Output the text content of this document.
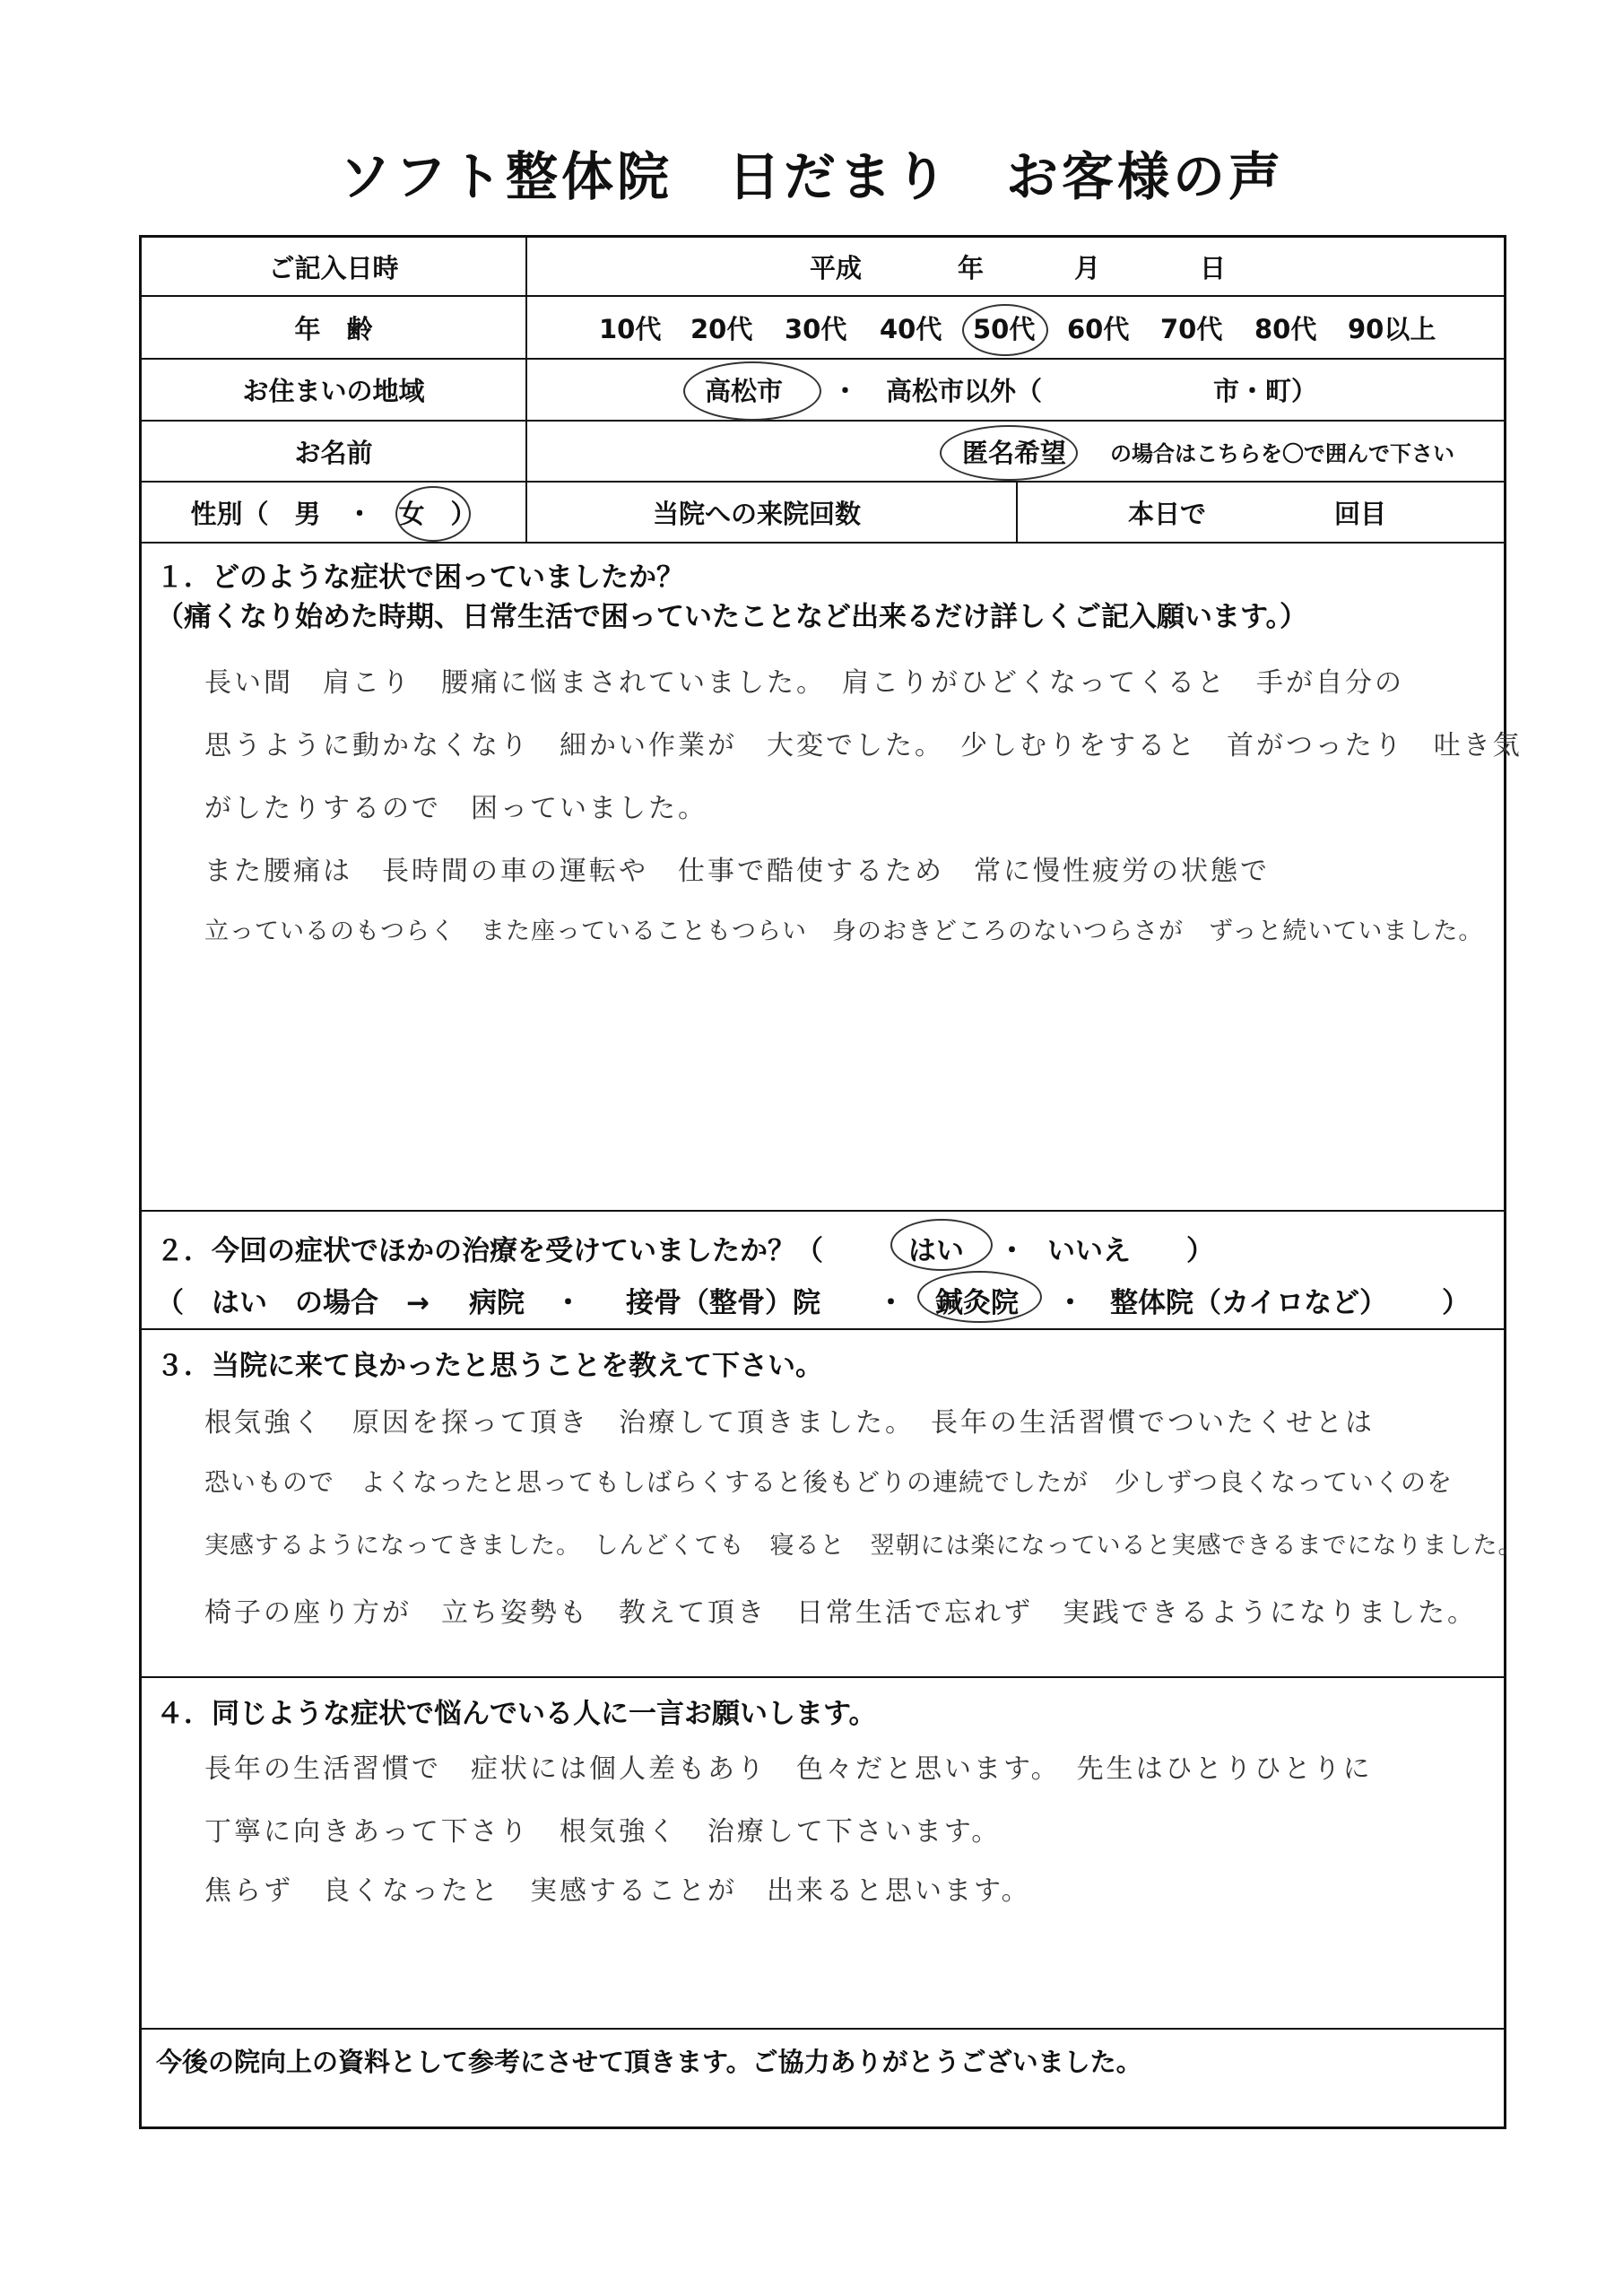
ソフト整体院　日だまり　お客様の声
ご記入日時	平成	年	月	日
年　齢	10代 20代 30代 40代 50代 60代 70代 80代 90以上
お住まいの地域	高松市 ・ 高松市以外（	市・町）
お名前	匿名希望 の場合はこちらを〇で囲んで下さい
性別（　男　・　女　）	当院への来院回数	本日で	回目
１．どのような症状で困っていましたか？
（痛くなり始めた時期、日常生活で困っていたことなど出来るだけ詳しくご記入願います。）
長い間　肩こり　腰痛に悩まされていました。　肩こりがひどくなってくると　手が自分の
思うように動かなくなり　細かい作業が　大変でした。　少しむりをすると　首がつったり　吐き気
がしたりするので　困っていました。
また腰痛は　長時間の車の運転や　仕事で酷使するため　常に慢性疲労の状態で
立っているのもつらく　また座っていることもつらい　身のおきどころのないつらさが　ずっと続いていました。
２．今回の症状でほかの治療を受けていましたか？（	はい ・ いいえ ）
（　はい　の場合　→　 病院 ・ 接骨（整骨）院 ・ 鍼灸院 ・ 整体院（カイロなど） ）
３．当院に来て良かったと思うことを教えて下さい。
根気強く　原因を探って頂き　治療して頂きました。　長年の生活習慣でついたくせとは
恐いもので　よくなったと思ってもしばらくすると後もどりの連続でしたが　少しずつ良くなっていくのを
実感するようになってきました。　しんどくても　寝ると　翌朝には楽になっていると実感できるまでになりました。
椅子の座り方が　立ち姿勢も　教えて頂き　日常生活で忘れず　実践できるようになりました。
４．同じような症状で悩んでいる人に一言お願いします。
長年の生活習慣で　症状には個人差もあり　色々だと思います。　先生はひとりひとりに
丁寧に向きあって下さり　根気強く　治療して下さいます。
焦らず　良くなったと　実感することが　出来ると思います。
今後の院向上の資料として参考にさせて頂きます。ご協力ありがとうございました。
